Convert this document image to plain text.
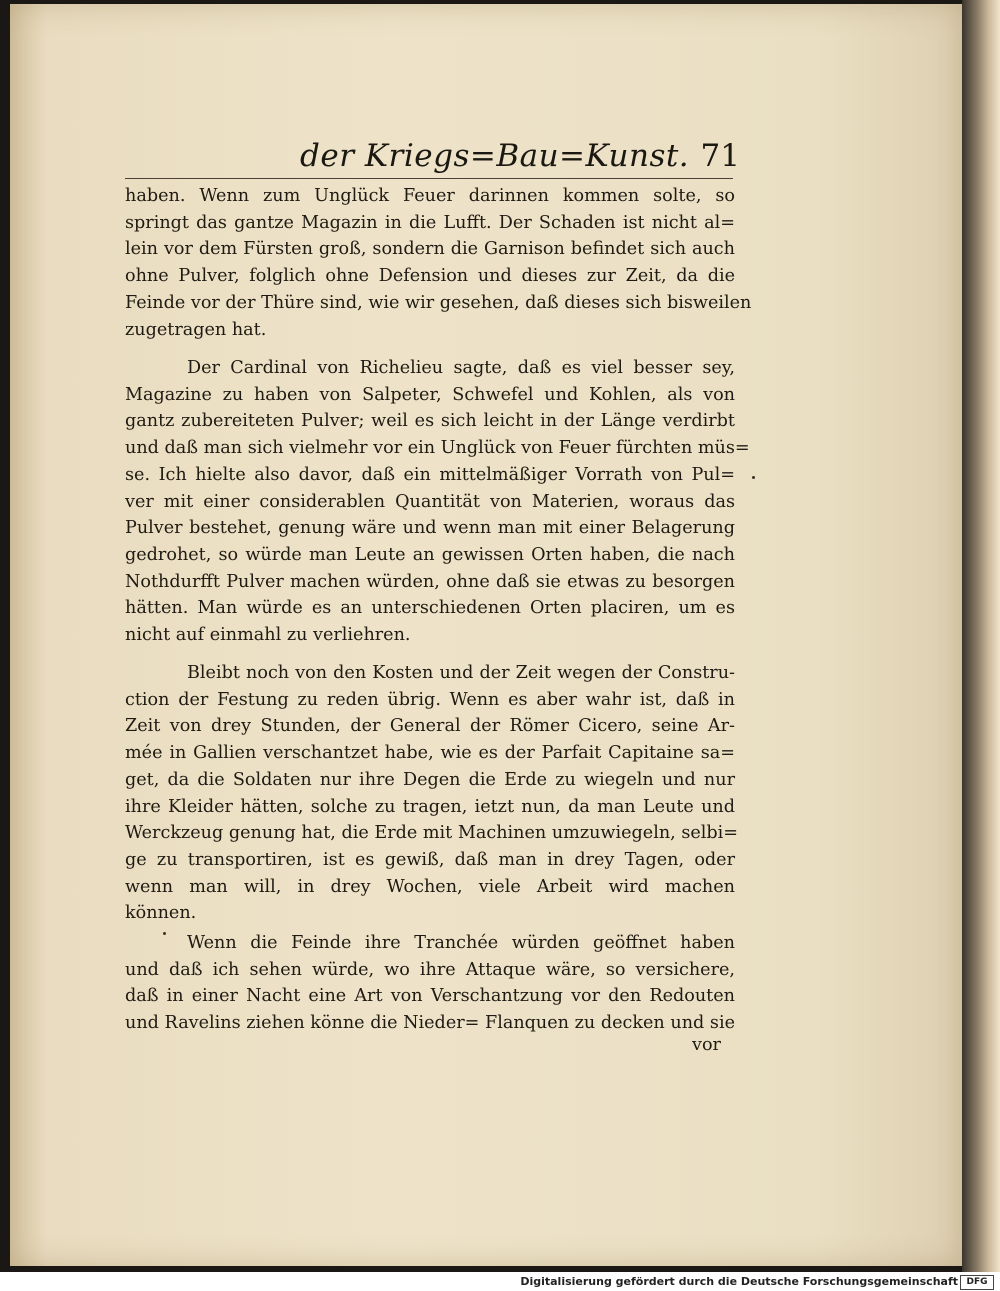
der Kriegs=Bau=Kunst. 71
haben. Wenn zum Unglück Feuer darinnen kommen solte, so
springt das gantze Magazin in die Lufft. Der Schaden ist nicht al=
lein vor dem Fürsten groß, sondern die Garnison befindet sich auch
ohne Pulver, folglich ohne Defension und dieses zur Zeit, da die
Feinde vor der Thüre sind, wie wir gesehen, daß dieses sich bisweilen
zugetragen hat.
Der Cardinal von Richelieu sagte, daß es viel besser sey,
Magazine zu haben von Salpeter, Schwefel und Kohlen, als von
gantz zubereiteten Pulver; weil es sich leicht in der Länge verdirbt
und daß man sich vielmehr vor ein Unglück von Feuer fürchten müs=
se. Ich hielte also davor, daß ein mittelmäßiger Vorrath von Pul=
ver mit einer considerablen Quantität von Materien, woraus das
Pulver bestehet, genung wäre und wenn man mit einer Belagerung
gedrohet, so würde man Leute an gewissen Orten haben, die nach
Nothdurfft Pulver machen würden, ohne daß sie etwas zu besorgen
hätten. Man würde es an unterschiedenen Orten placiren, um es
nicht auf einmahl zu verliehren.
Bleibt noch von den Kosten und der Zeit wegen der Constru-
ction der Festung zu reden übrig. Wenn es aber wahr ist, daß in
Zeit von drey Stunden, der General der Römer Cicero, seine Ar-
mée in Gallien verschantzet habe, wie es der Parfait Capitaine sa=
get, da die Soldaten nur ihre Degen die Erde zu wiegeln und nur
ihre Kleider hätten, solche zu tragen, ietzt nun, da man Leute und
Werckzeug genung hat, die Erde mit Machinen umzuwiegeln, selbi=
ge zu transportiren, ist es gewiß, daß man in drey Tagen, oder
wenn man will, in drey Wochen, viele Arbeit wird machen
können.
Wenn die Feinde ihre Tranchée würden geöffnet haben
und daß ich sehen würde, wo ihre Attaque wäre, so versichere,
daß in einer Nacht eine Art von Verschantzung vor den Redouten
und Ravelins ziehen könne die Nieder= Flanquen zu decken und sie
vor
Digitalisierung gefördert durch die Deutsche Forschungsgemeinschaft DFG
